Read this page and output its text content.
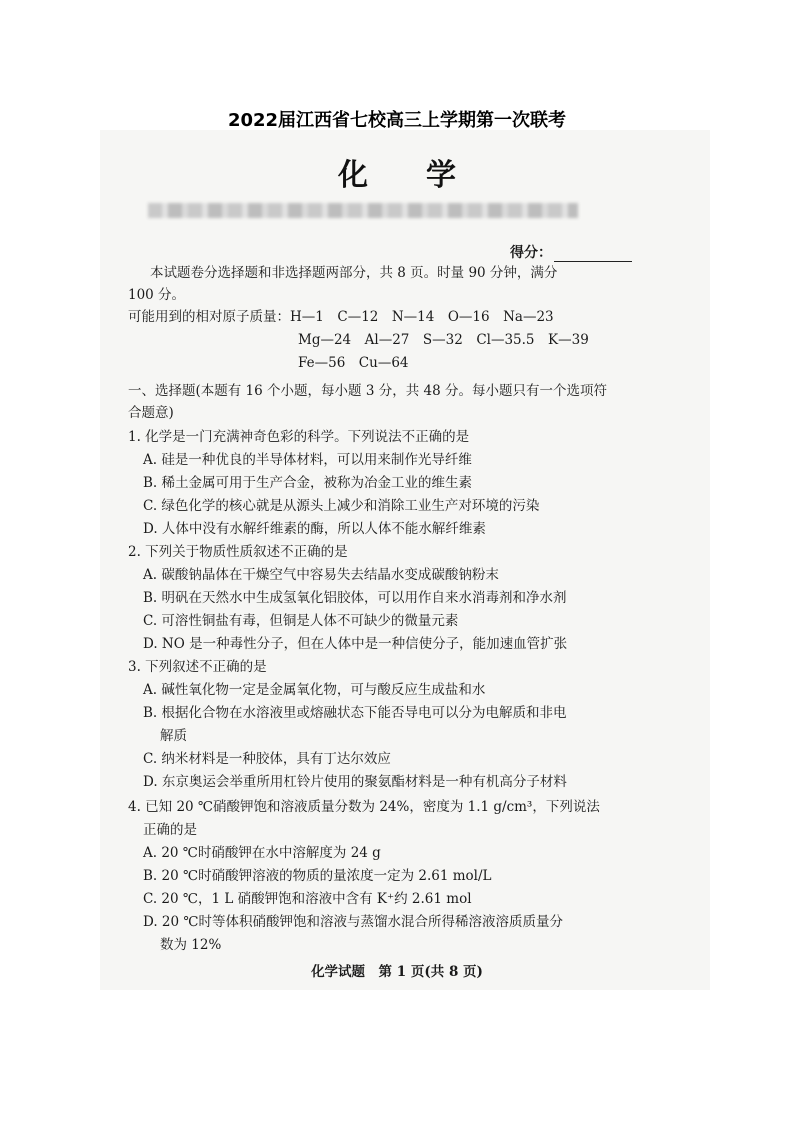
2022届江西省七校高三上学期第一次联考
化学
得分：
本试题卷分选择题和非选择题两部分，共 8 页。时量 90 分钟，满分
100 分。
可能用到的相对原子质量：H—1　C—12　N—14　O—16　Na—23
Mg—24　Al—27　S—32　Cl—35.5　K—39
Fe—56　Cu—64
一、选择题(本题有 16 个小题，每小题 3 分，共 48 分。每小题只有一个选项符
合题意)
1. 化学是一门充满神奇色彩的科学。下列说法不正确的是
A. 硅是一种优良的半导体材料，可以用来制作光导纤维
B. 稀土金属可用于生产合金，被称为冶金工业的维生素
C. 绿色化学的核心就是从源头上减少和消除工业生产对环境的污染
D. 人体中没有水解纤维素的酶，所以人体不能水解纤维素
2. 下列关于物质性质叙述不正确的是
A. 碳酸钠晶体在干燥空气中容易失去结晶水变成碳酸钠粉末
B. 明矾在天然水中生成氢氧化铝胶体，可以用作自来水消毒剂和净水剂
C. 可溶性铜盐有毒，但铜是人体不可缺少的微量元素
D. NO 是一种毒性分子，但在人体中是一种信使分子，能加速血管扩张
3. 下列叙述不正确的是
A. 碱性氧化物一定是金属氧化物，可与酸反应生成盐和水
B. 根据化合物在水溶液里或熔融状态下能否导电可以分为电解质和非电
解质
C. 纳米材料是一种胶体，具有丁达尔效应
D. 东京奥运会举重所用杠铃片使用的聚氨酯材料是一种有机高分子材料
4. 已知 20 ℃硝酸钾饱和溶液质量分数为 24%，密度为 1.1 g/cm³，下列说法
正确的是
A. 20 ℃时硝酸钾在水中溶解度为 24 g
B. 20 ℃时硝酸钾溶液的物质的量浓度一定为 2.61 mol/L
C. 20 ℃，1 L 硝酸钾饱和溶液中含有 K⁺约 2.61 mol
D. 20 ℃时等体积硝酸钾饱和溶液与蒸馏水混合所得稀溶液溶质质量分
数为 12%
化学试题　第 1 页(共 8 页)
